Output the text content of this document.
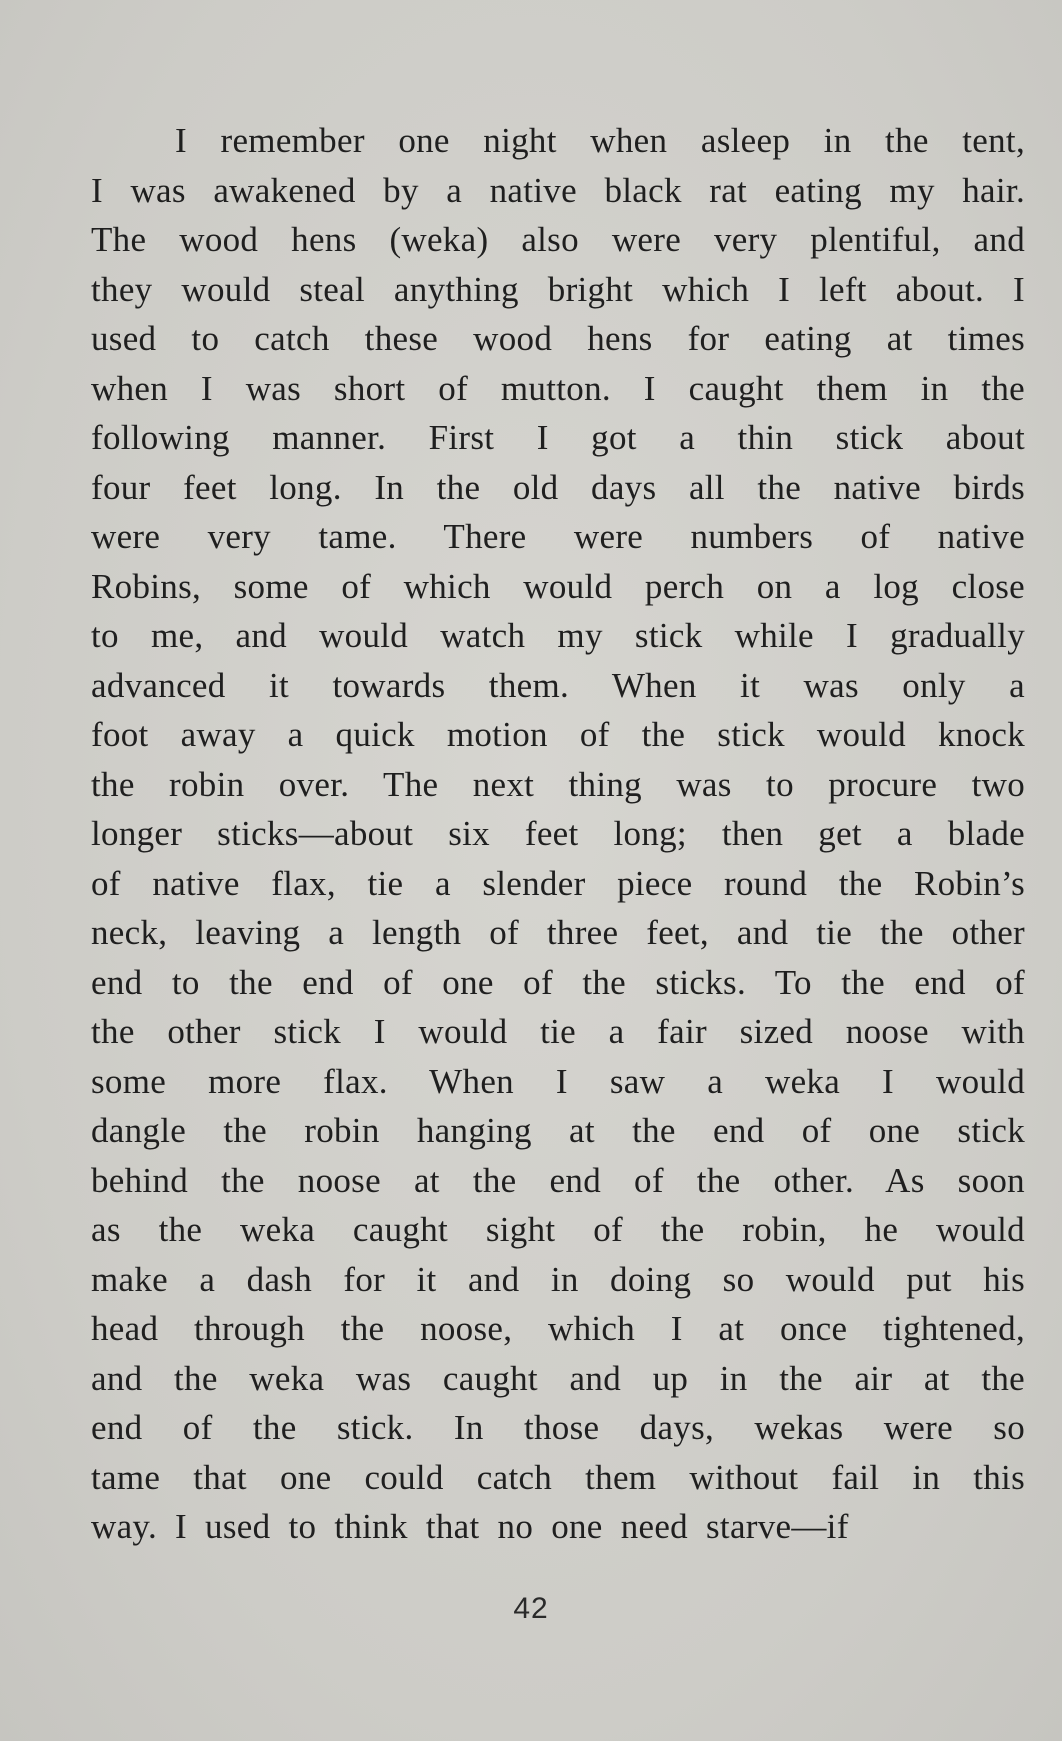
I remember one night when asleep in the tent,
I was awakened by a native black rat eating my hair.
The wood hens (weka) also were very plentiful, and
they would steal anything bright which I left about. I
used to catch these wood hens for eating at times
when I was short of mutton. I caught them in the
following manner. First I got a thin stick about
four feet long. In the old days all the native birds
were very tame. There were numbers of native
Robins, some of which would perch on a log close
to me, and would watch my stick while I gradually
advanced it towards them. When it was only a
foot away a quick motion of the stick would knock
the robin over. The next thing was to procure two
longer sticks—about six feet long; then get a blade
of native flax, tie a slender piece round the Robin’s
neck, leaving a length of three feet, and tie the other
end to the end of one of the sticks. To the end of
the other stick I would tie a fair sized noose with
some more flax. When I saw a weka I would
dangle the robin hanging at the end of one stick
behind the noose at the end of the other. As soon
as the weka caught sight of the robin, he would
make a dash for it and in doing so would put his
head through the noose, which I at once tightened,
and the weka was caught and up in the air at the
end of the stick. In those days, wekas were so
tame that one could catch them without fail in this
way. I used to think that no one need starve—if
42
